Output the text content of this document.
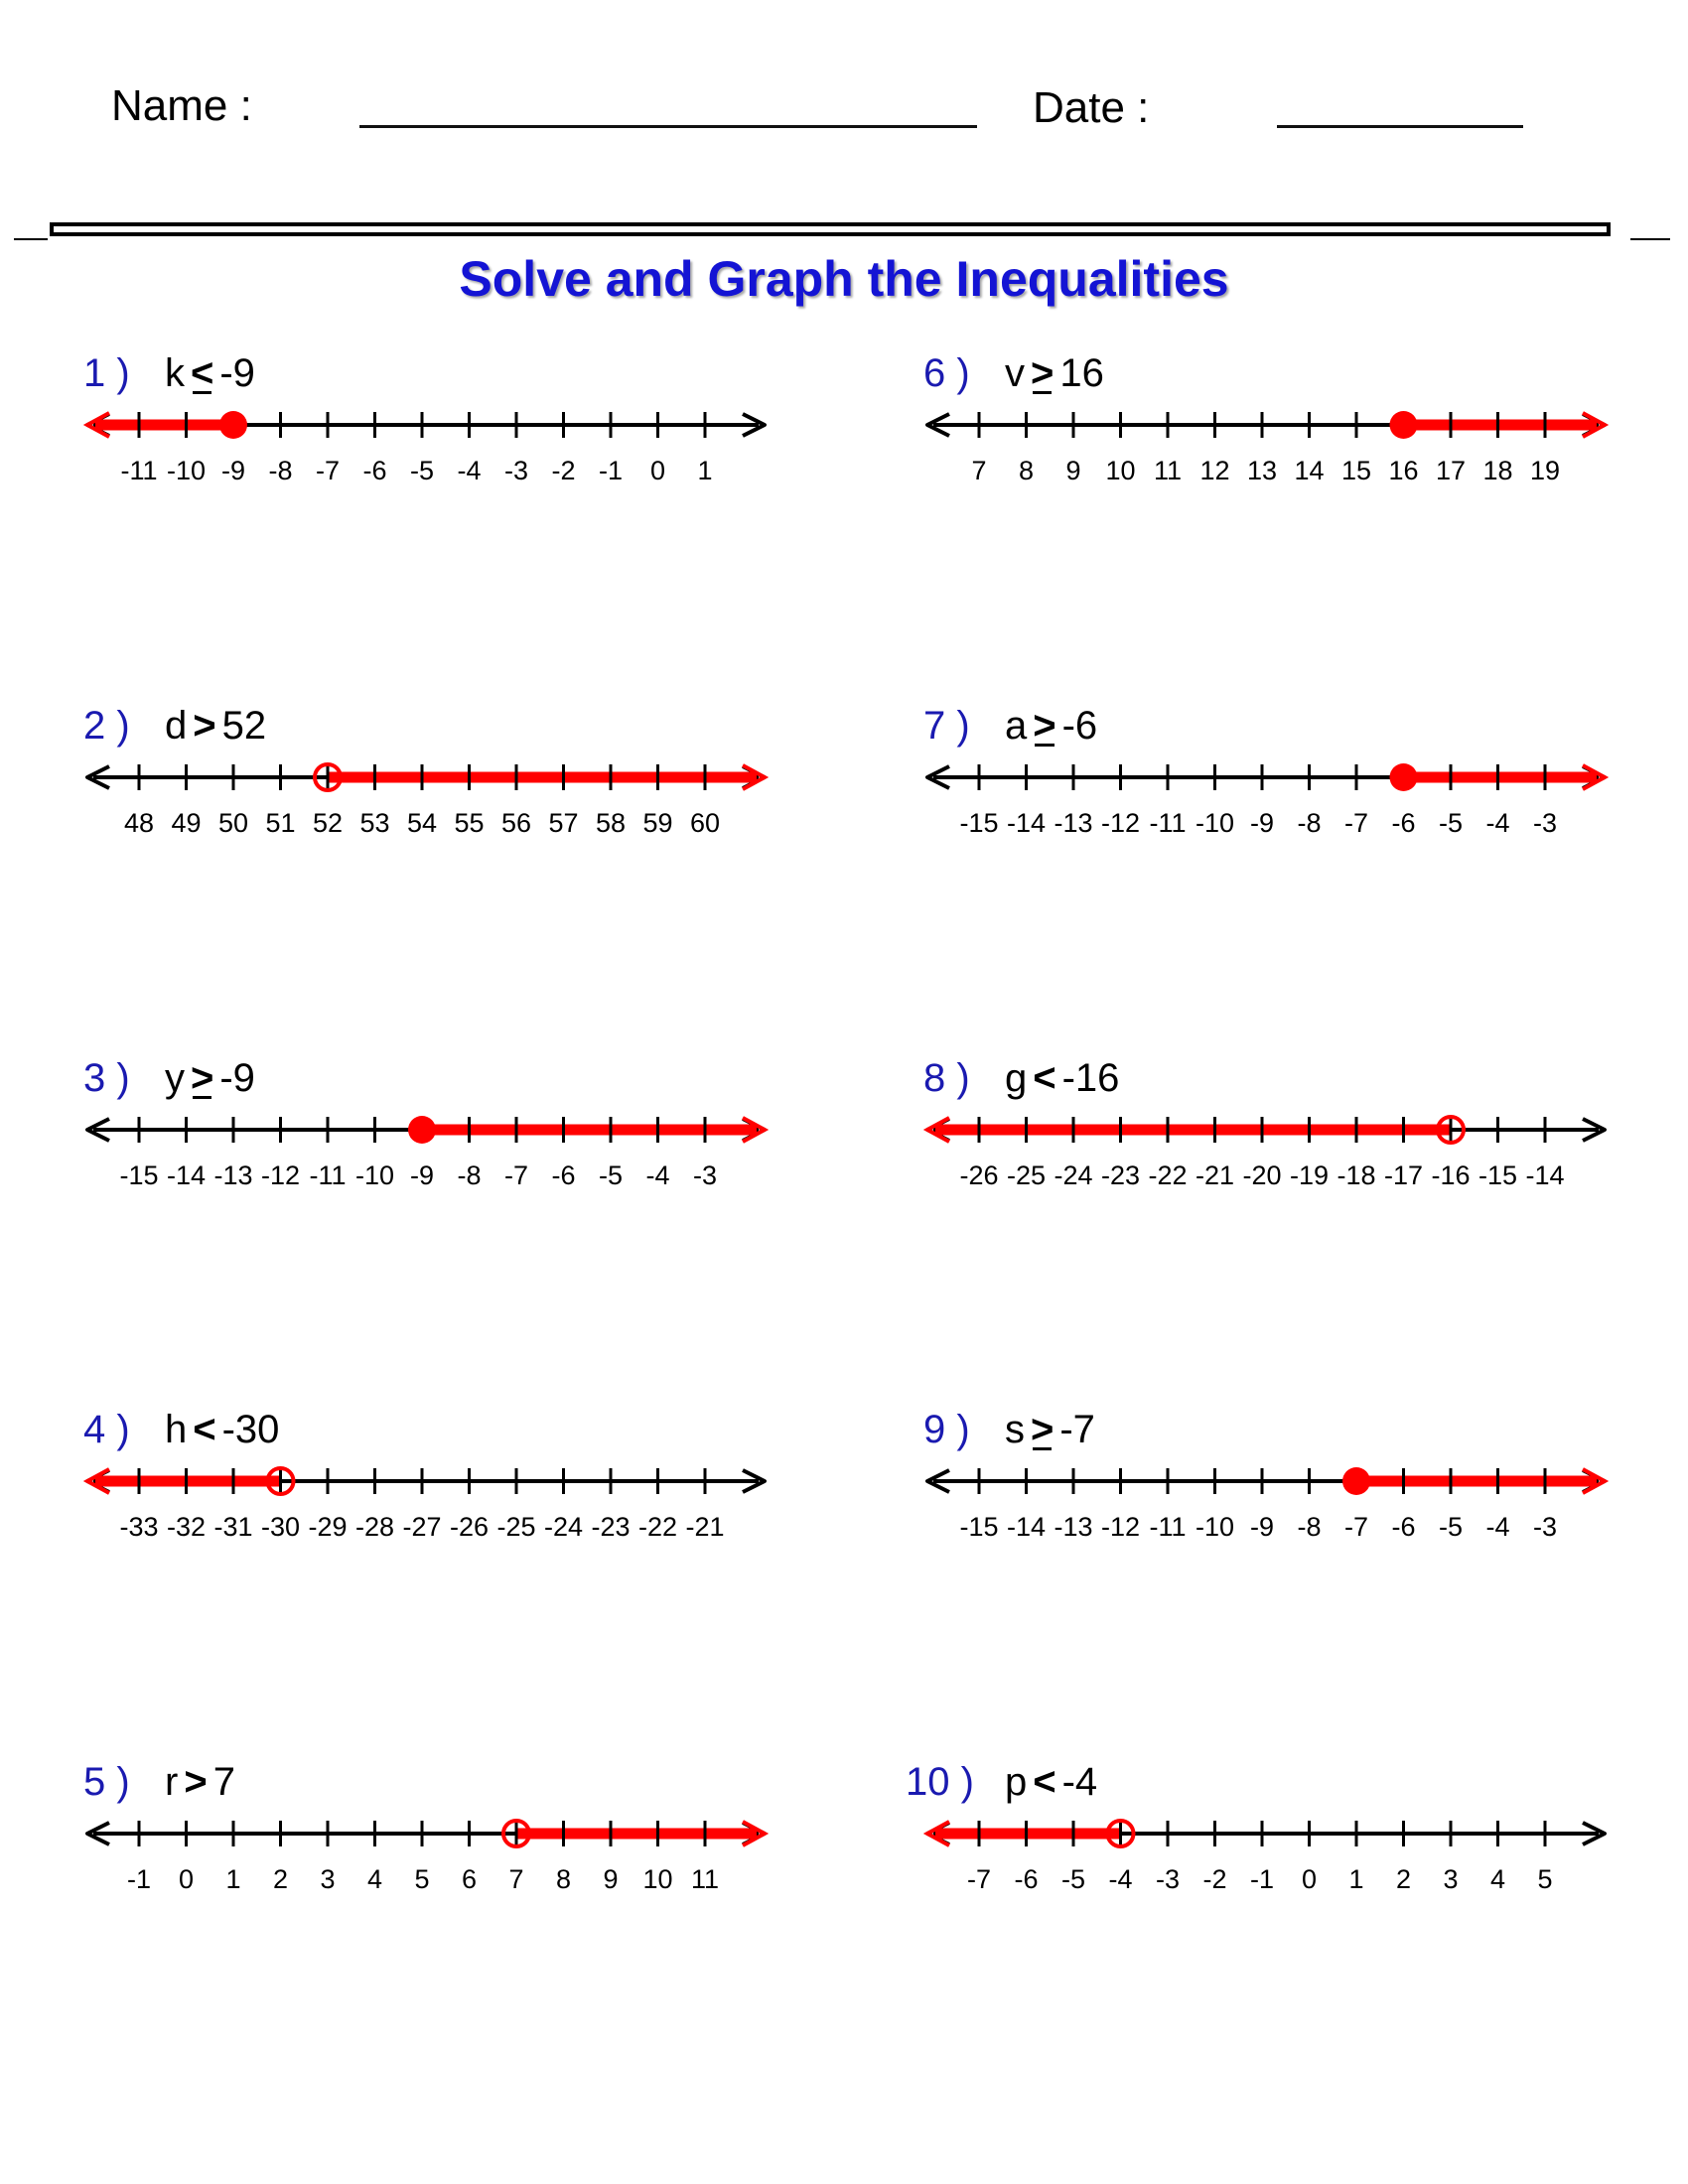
Name :	Date :
Solve and Graph the Inequalities
1 ) k < -9
-11 -10 -9 -8 -7 -6 -5 -4 -3 -2 -1 0 1
2 ) d > 52
48 49 50 51 52 53 54 55 56 57 58 59 60
3 ) y > -9
-15 -14 -13 -12 -11 -10 -9 -8 -7 -6 -5 -4 -3
4 ) h < -30
-33 -32 -31 -30 -29 -28 -27 -26 -25 -24 -23 -22 -21
5 ) r > 7
-1 0 1 2 3 4 5 6 7 8 9 10 11
6 ) v > 16
7 8 9 10 11 12 13 14 15 16 17 18 19
7 ) a > -6
-15 -14 -13 -12 -11 -10 -9 -8 -7 -6 -5 -4 -3
8 ) g < -16
-26 -25 -24 -23 -22 -21 -20 -19 -18 -17 -16 -15 -14
9 ) s > -7
-15 -14 -13 -12 -11 -10 -9 -8 -7 -6 -5 -4 -3
10 ) p < -4
-7 -6 -5 -4 -3 -2 -1 0 1 2 3 4 5
